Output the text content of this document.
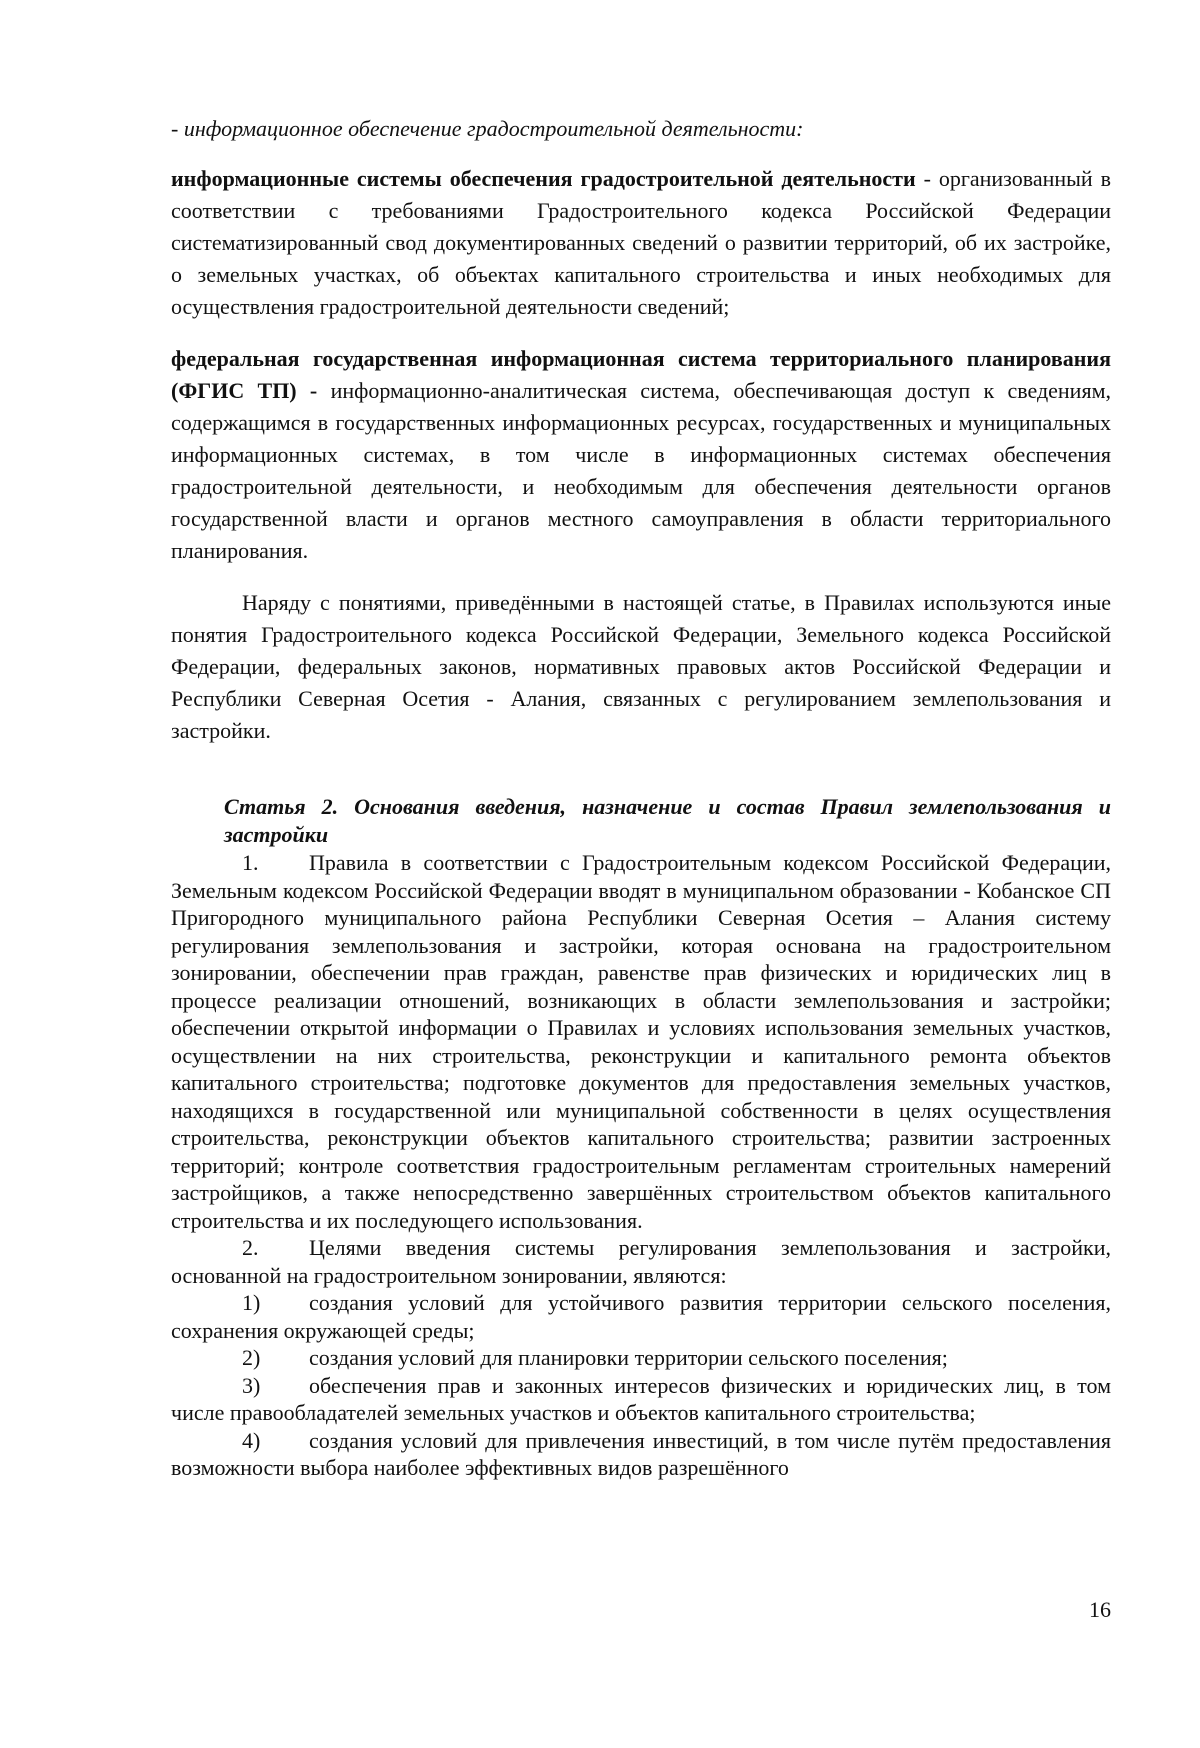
- информационное обеспечение градостроительной деятельности:

информационные системы обеспечения градостроительной деятельности - организованный в соответствии с требованиями Градостроительного кодекса Российской Федерации систематизированный свод документированных сведений о развитии территорий, об их застройке, о земельных участках, об объектах капитального строительства и иных необходимых для осуществления градостроительной деятельности сведений;

федеральная государственная информационная система территориального планирования (ФГИС ТП) - информационно-аналитическая система, обеспечивающая доступ к сведениям, содержащимся в государственных информационных ресурсах, государственных и муниципальных информационных системах, в том числе в информационных системах обеспечения градостроительной деятельности, и необходимым для обеспечения деятельности органов государственной власти и органов местного самоуправления в области территориального планирования.

Наряду с понятиями, приведёнными в настоящей статье, в Правилах используются иные понятия Градостроительного кодекса Российской Федерации, Земельного кодекса Российской Федерации, федеральных законов, нормативных правовых актов Российской Федерации и Республики Северная Осетия - Алания, связанных с регулированием землепользования и застройки.

Статья 2. Основания введения, назначение и состав Правил землепользования и застройки

1. Правила в соответствии с Градостроительным кодексом Российской Федерации, Земельным кодексом Российской Федерации вводят в муниципальном образовании - Кобанское СП Пригородного муниципального района Республики Северная Осетия – Алания систему регулирования землепользования и застройки, которая основана на градостроительном зонировании, обеспечении прав граждан, равенстве прав физических и юридических лиц в процессе реализации отношений, возникающих в области землепользования и застройки; обеспечении открытой информации о Правилах и условиях использования земельных участков, осуществлении на них строительства, реконструкции и капитального ремонта объектов капитального строительства; подготовке документов для предоставления земельных участков, находящихся в государственной или муниципальной собственности в целях осуществления строительства, реконструкции объектов капитального строительства; развитии застроенных территорий; контроле соответствия градостроительным регламентам строительных намерений застройщиков, а также непосредственно завершённых строительством объектов капитального строительства и их последующего использования.

2. Целями введения системы регулирования землепользования и застройки, основанной на градостроительном зонировании, являются:

1) создания условий для устойчивого развития территории сельского поселения, сохранения окружающей среды;

2) создания условий для планировки территории сельского поселения;

3) обеспечения прав и законных интересов физических и юридических лиц, в том числе правообладателей земельных участков и объектов капитального строительства;

4) создания условий для привлечения инвестиций, в том числе путём предоставления возможности выбора наиболее эффективных видов разрешённого

16
